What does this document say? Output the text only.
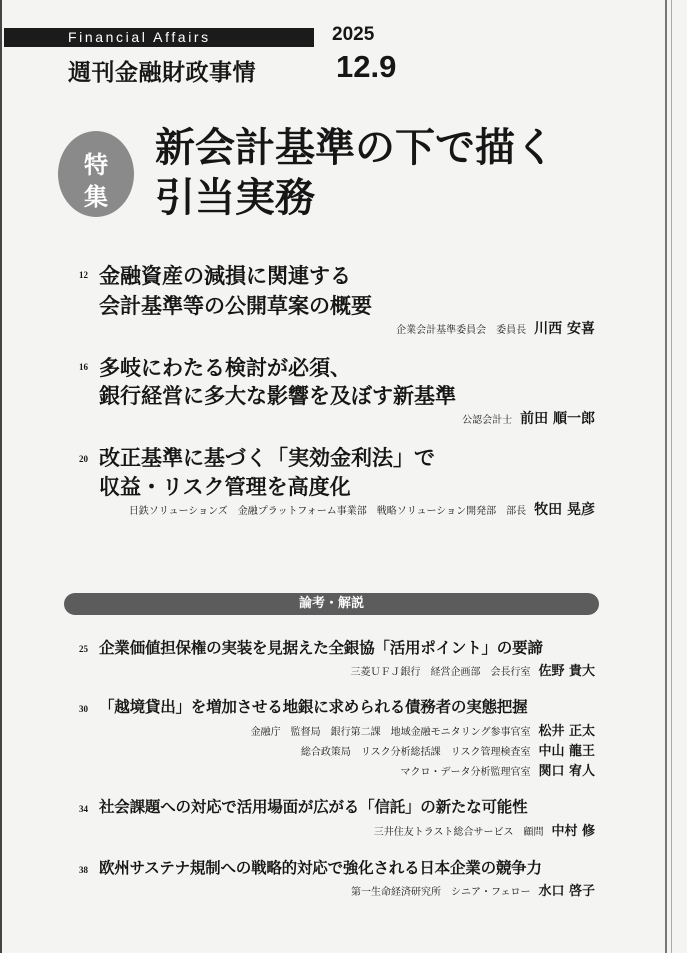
Financial Affairs	2025
週刊金融財政事情	12.9
特
集
新会計基準の下で描く
引当実務
12 金融資産の減損に関連する
会計基準等の公開草案の概要
企業会計基準委員会　委員長 川西 安喜
16 多岐にわたる検討が必須、
銀行経営に多大な影響を及ぼす新基準
公認会計士 前田 順一郎
20 改正基準に基づく「実効金利法」で
収益・リスク管理を高度化
日鉄ソリューションズ　金融プラットフォーム事業部　戦略ソリューション開発部　部長 牧田 晃彦
論考・解説
25 企業価値担保権の実装を見据えた全銀協「活用ポイント」の要諦
三菱ＵＦＪ銀行　経営企画部　会長行室 佐野 貴大
30 「越境貸出」を増加させる地銀に求められる債務者の実態把握
金融庁　監督局　銀行第二課　地域金融モニタリング参事官室 松井 正太
総合政策局　リスク分析総括課　リスク管理検査室 中山 龍王
マクロ・データ分析監理官室 関口 宥人
34 社会課題への対応で活用場面が広がる「信託」の新たな可能性
三井住友トラスト総合サービス　顧問 中村 修
38 欧州サステナ規制への戦略的対応で強化される日本企業の競争力
第一生命経済研究所　シニア・フェロー 水口 啓子
